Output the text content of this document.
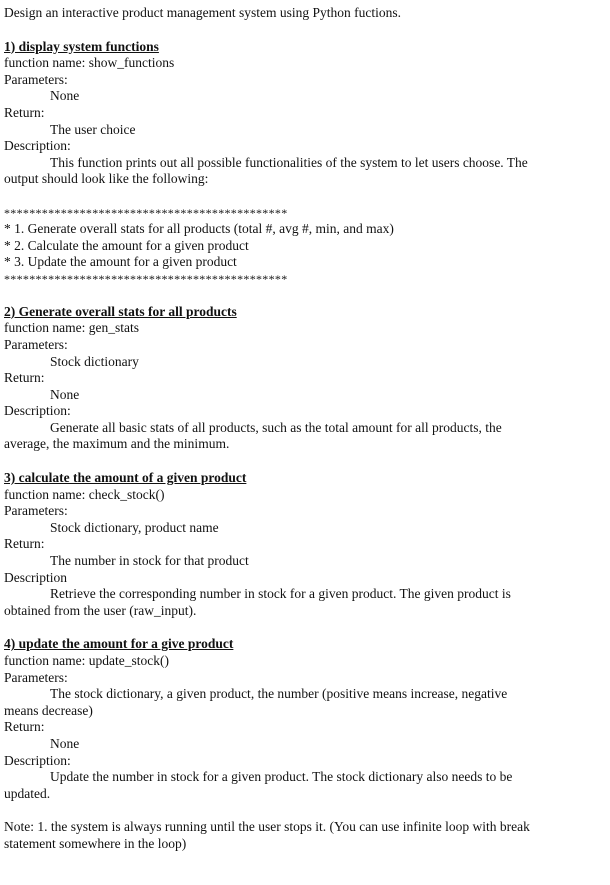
Design an interactive product management system using Python fuctions.
1) display system functions
function name: show_functions
Parameters:
None
Return:
The user choice
Description:
This function prints out all possible functionalities of the system to let users choose. The
output should look like the following:
*********************************************
* 1. Generate overall stats for all products (total #, avg #, min, and max)
* 2. Calculate the amount for a given product
* 3. Update the amount for a given product
*********************************************
2) Generate overall stats for all products
function name: gen_stats
Parameters:
Stock dictionary
Return:
None
Description:
Generate all basic stats of all products, such as the total amount for all products, the
average, the maximum and the minimum.
3) calculate the amount of a given product
function name: check_stock()
Parameters:
Stock dictionary, product name
Return:
The number in stock for that product
Description
Retrieve the corresponding number in stock for a given product. The given product is
obtained from the user (raw_input).
4) update the amount for a give product
function name: update_stock()
Parameters:
The stock dictionary, a given product, the number (positive means increase, negative
means decrease)
Return:
None
Description:
Update the number in stock for a given product. The stock dictionary also needs to be
updated.
Note: 1. the system is always running until the user stops it. (You can use infinite loop with break
statement somewhere in the loop)
